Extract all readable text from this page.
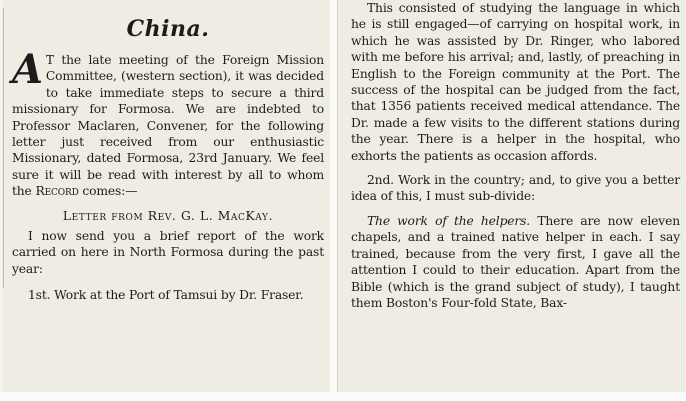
China.
A T the late meeting of the Foreign Mission Committee, (western section), it was decided to take immediate steps to secure a third missionary for Formosa. We are indebted to Professor Maclaren, Convener, for the following letter just received from our enthusiastic Missionary, dated Formosa, 23rd January. We feel sure it will be read with interest by all to whom the Record comes:—
Letter from Rev. G. L. MacKay.

I now send you a brief report of the work carried on here in North Formosa during the past year:

1st. Work at the Port of Tamsui by Dr. Fraser.

This consisted of studying the language in which he is still engaged—of carrying on hospital work, in which he was assisted by Dr. Ringer, who labored with me before his arrival; and, lastly, of preaching in English to the Foreign community at the Port. The success of the hospital can be judged from the fact, that 1356 patients received medical attendance. The Dr. made a few visits to the different stations during the year. There is a helper in the hospital, who exhorts the patients as occasion affords.

2nd. Work in the country; and, to give you a better idea of this, I must sub-divide:

The work of the helpers. There are now eleven chapels, and a trained native helper in each. I say trained, because from the very first, I gave all the attention I could to their education. Apart from the Bible (which is the grand subject of study), I taught them Boston's Four-fold State, Bax-
